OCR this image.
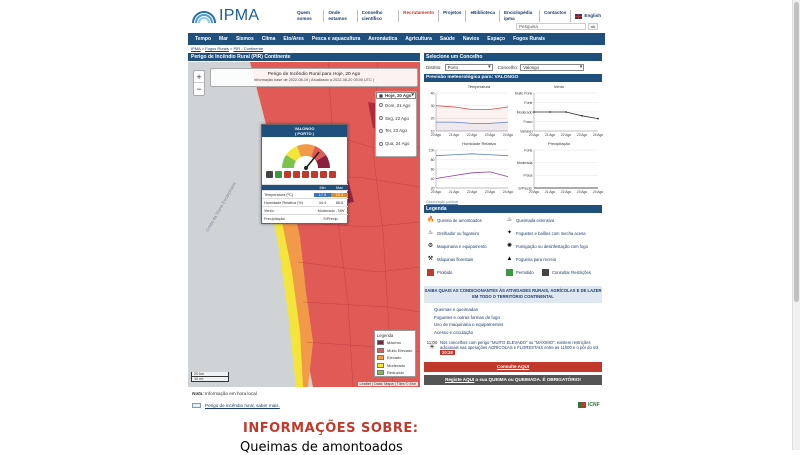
IPMA	Quem somos
Onde estamos
Conselho científico
Recrutamento	Projetos	eBiblioteca	Enciclopédia ipma
Contactos
English
Pesquisa	ok
Tempo	Mar	Sismos	Clima	Eto/Ares	Pesca e aquacultura	Aeronáutica	Agricultura	Saúde	Navios	Espaço	Fogos Rurais
IPMA > Fogos Rurais > PIR - Continente
Perigo de Incêndio Rural (PIR) Continente
Costa da Viana Escarpment
+
−
Perigo de Incêndio Rural para Hoje, 20 Ago
Informação base de 2022-08-19 | Atualizado a 2022-08-20 05:00 UTC |
Hoje, 20 Ago
▾
Dom, 21 Ago
Seg, 22 Ago
Ter, 23 Ago
Qua, 24 Ago
VALONGO
( PORTO )
Min	Max
Temperatura (ºC)	17.5	22.4
Humidade Relativa (%)	34.4	88.8
Vento	Moderado - NW
Precipitação	S/Precip.
Legenda
Máximo
Muito Elevado
Elevado
Moderado
Reduzido
20 km
10 mi
Leaflet | Data: Mapa | Tiles © Esri
Nota: Informação em hora local
Perigo de incêndio rural, saber mais.	ICNF
INFORMAÇÕES SOBRE:
Queimas de amontoados
Selecione um Concelho
Distrito:	Porto ▾	Concelho:	Valongo ▾
Previsão meteorológica para: VALONGO
Temperatura
10
20
30
40
20 Ago 21 Ago 22 Ago 23 Ago 24 Ago
Vento
Variável
Fraco
Moderado
Forte
Muito Forte
20 Ago 21 Ago 22 Ago 23 Ago 24 Ago
Humidade Relativa
20
40
60
80
100
20 Ago 21 Ago 22 Ago 23 Ago 24 Ago
Precipitação
S/Precip.
Fraca
Moderada
Forte
20 Ago 21 Ago 22 Ago 23 Ago 24 Ago
Observação pontual
Legenda
🔥 Queima de amontoados	♨ Queimada extensiva
♨ Grelhador ou fogareiro	✦ Foguetes e balões com mecha acesa
⚙ Maquinaria e equipamento	✺ Fumigação ou desinfestação com fogo
⚒ Máquinas florestais	▲ Fogueira para recreio
Proibido	Permitido	Consultar Restrições
SAIBA QUAIS AS CONDICIONANTES ÀS ATIVIDADES RURAIS, AGRÍCOLAS E DE LAZER EM TODO O TERRITÓRIO CONTINENTAL
Queimas e queimadas
Foguetes e outras formas de fogo
Uso de maquinaria e equipamentos
Acesso e circulação
11:00
☀
Nos concelhos com perigo "MUITO ELEVADO" ou "MÁXIMO", existem restrições adicionais nas operações AGRÍCOLAS e FLORESTAIS entre as 11h00 e o pôr do sol 20:28
Consulte AQUI
Registe AQUI a sua QUEIMA ou QUEIMADA. É OBRIGATÓRIO!
